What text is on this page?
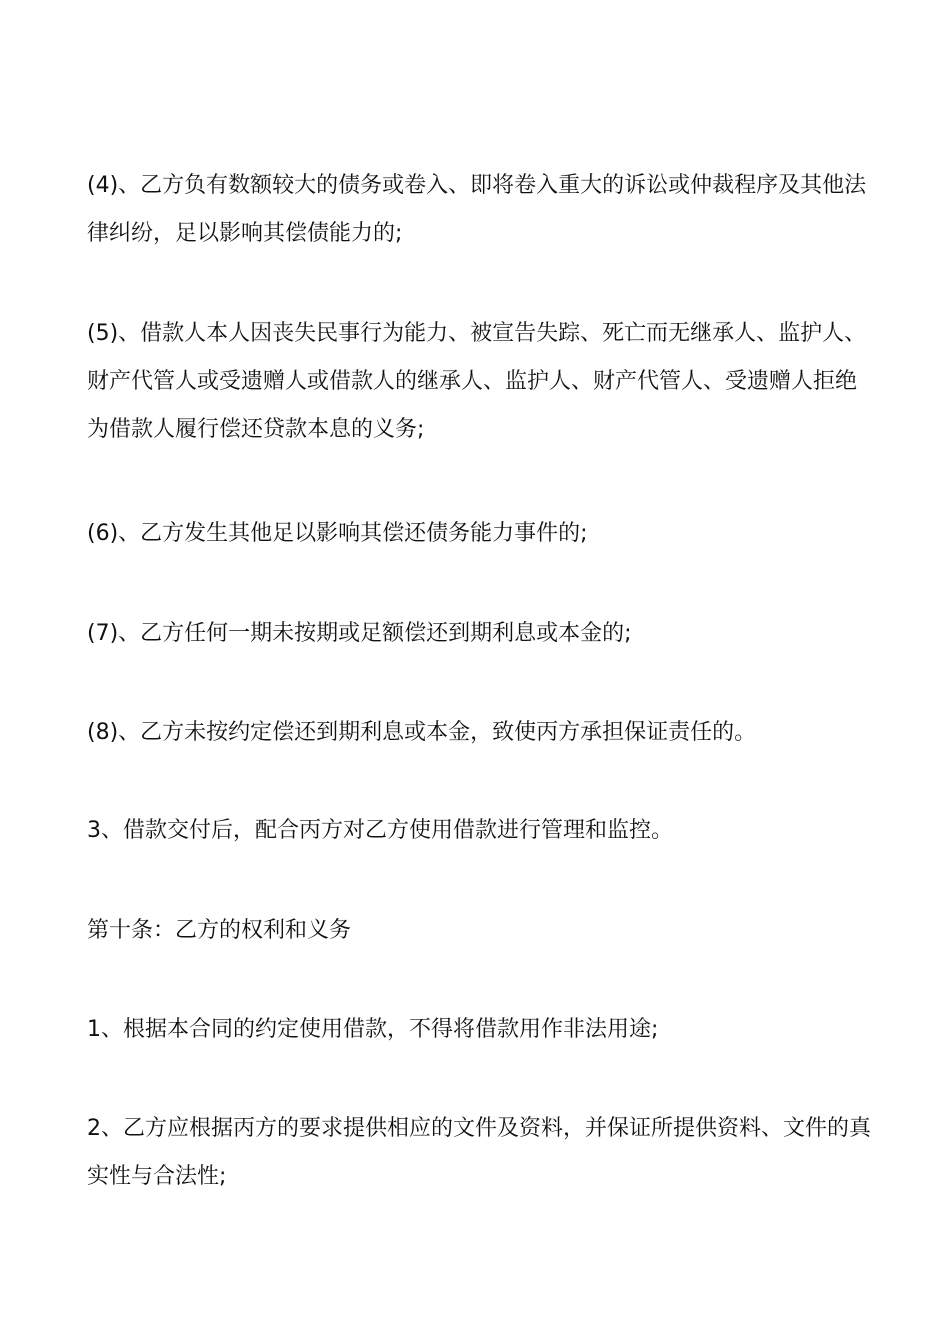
(4)、乙方负有数额较大的债务或卷入、即将卷入重大的诉讼或仲裁程序及其他法律纠纷，足以影响其偿债能力的;

(5)、借款人本人因丧失民事行为能力、被宣告失踪、死亡而无继承人、监护人、财产代管人或受遗赠人或借款人的继承人、监护人、财产代管人、受遗赠人拒绝为借款人履行偿还贷款本息的义务;

(6)、乙方发生其他足以影响其偿还债务能力事件的;

(7)、乙方任何一期未按期或足额偿还到期利息或本金的;

(8)、乙方未按约定偿还到期利息或本金，致使丙方承担保证责任的。

3、借款交付后，配合丙方对乙方使用借款进行管理和监控。

第十条：乙方的权利和义务

1、根据本合同的约定使用借款，不得将借款用作非法用途;

2、乙方应根据丙方的要求提供相应的文件及资料，并保证所提供资料、文件的真实性与合法性;
